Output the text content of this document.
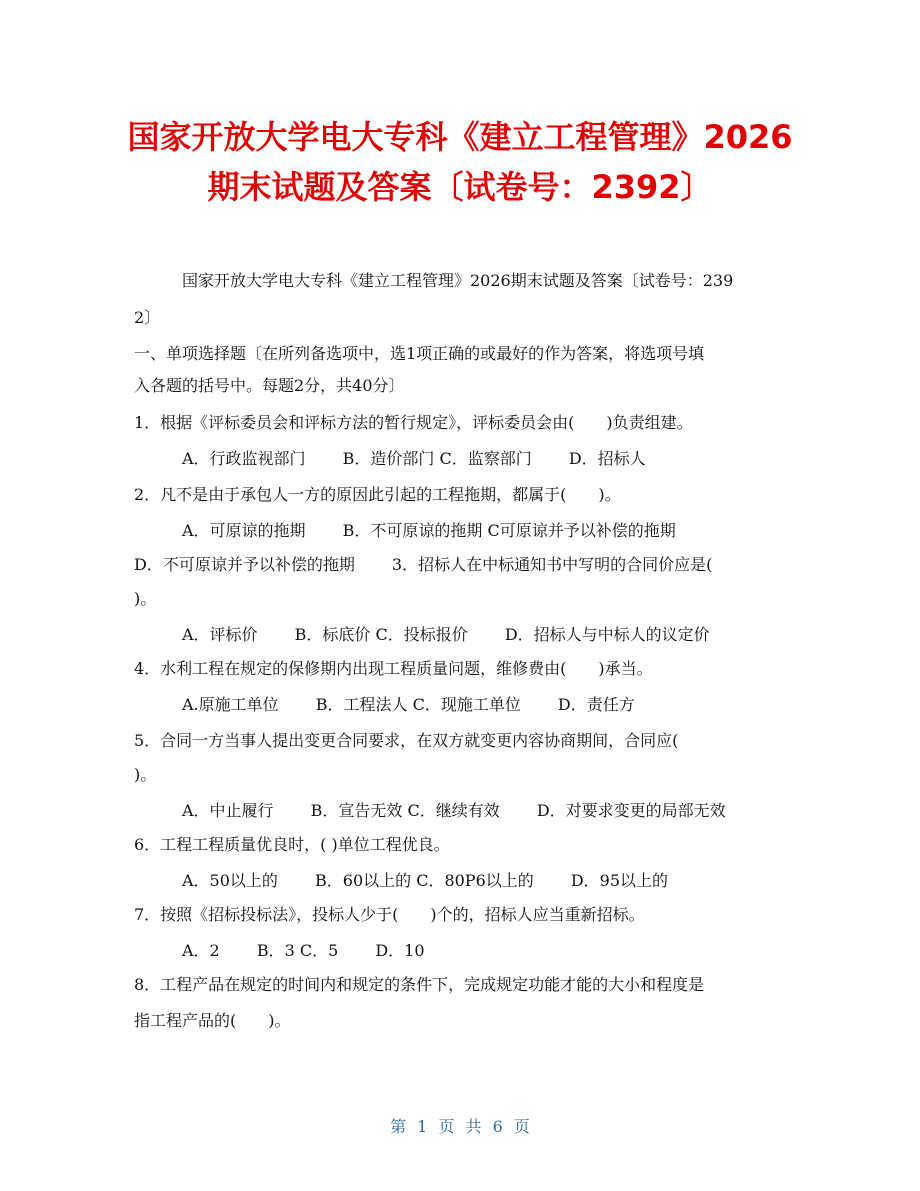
国家开放大学电大专科《建立工程管理》2026
期末试题及答案〔试卷号：2392〕
国家开放大学电大专科《建立工程管理》2026期末试题及答案〔试卷号：239
2〕
一、单项选择题〔在所列备选项中，选1项正确的或最好的作为答案，将选项号填
入各题的括号中。每题2分，共40分〕
1．根据《评标委员会和评标方法的暂行规定》，评标委员会由(　　)负责组建。
A．行政监视部门　　 B．造价部门 C．监察部门　　 D．招标人
2．凡不是由于承包人一方的原因此引起的工程拖期，都属于(　　)。
A．可原谅的拖期　　 B．不可原谅的拖期 C可原谅并予以补偿的拖期
D．不可原谅并予以补偿的拖期　　 3．招标人在中标通知书中写明的合同价应是(
)。
A．评标价　　 B．标底价 C．投标报价　　 D．招标人与中标人的议定价
4．水利工程在规定的保修期内出现工程质量问题，维修费由(　　)承当。
A.原施工单位　　 B．工程法人 C．现施工单位　　 D．责任方
5．合同一方当事人提出变更合同要求，在双方就变更内容协商期间，合同应(
)。
A．中止履行　　 B．宣告无效 C．继续有效　　 D．对要求变更的局部无效
6．工程工程质量优良时，( )单位工程优良。
A．50以上的　　 B．60以上的 C．80P6以上的　　 D．95以上的
7．按照《招标投标法》，投标人少于(　　)个的，招标人应当重新招标。
A．2　　 B．3 C．5　　 D．10
8．工程产品在规定的时间内和规定的条件下，完成规定功能才能的大小和程度是
指工程产品的(　　)。
第 1 页 共 6 页
